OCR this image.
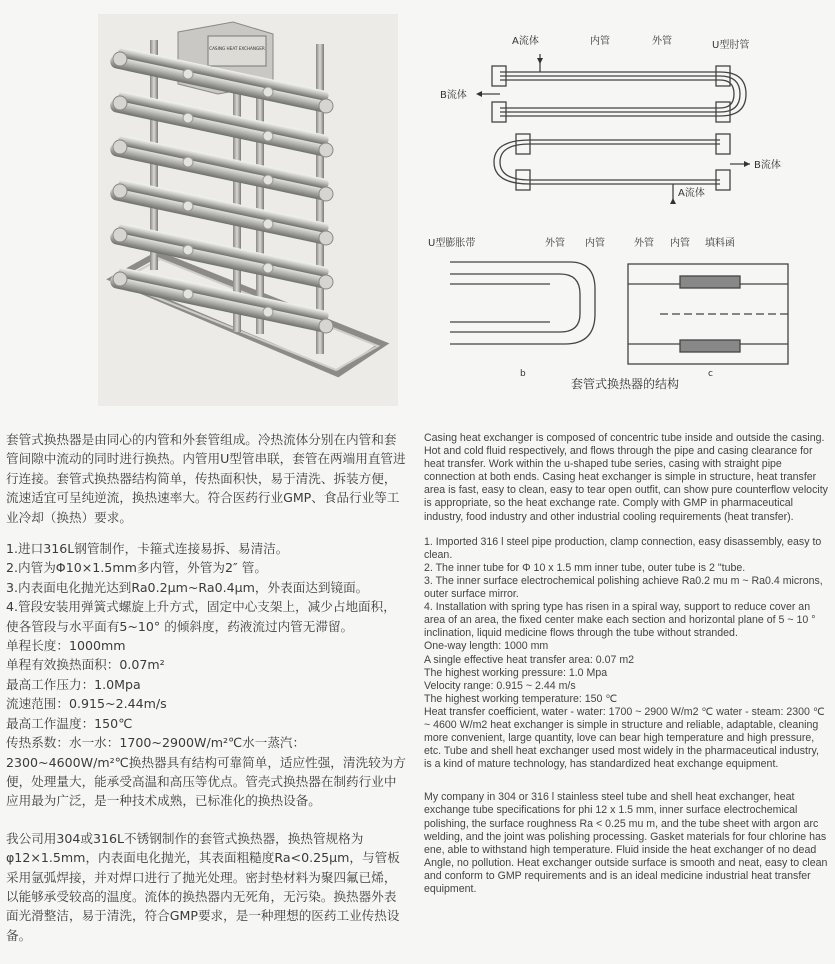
CASING HEAT EXCHANGER
A流体	内管	外管	U型肘管
B流体
B流体
A流体
U型膨胀带	外管 内管	外管 内管 填料函
b	c
套管式换热器的结构

套管式换热器是由同心的内管和外套管组成。冷热流体分别在内管和套管间隙中流动的同时进行换热。内管用U型管串联，套管在两端用直管进行连接。套管式换热器结构简单，传热面积快，易于清洗、拆装方便，流速适宜可呈纯逆流，换热速率大。符合医药行业GMP、食品行业等工业冷却（换热）要求。

1.进口316L钢管制作，卡箍式连接易拆、易清洁。

2.内管为Φ10×1.5mm多内管，外管为2″ 管。

3.内表面电化抛光达到Ra0.2μm~Ra0.4μm，外表面达到镜面。

4.管段安装用弹簧式螺旋上升方式，固定中心支架上，减少占地面积，使各管段与水平面有5~10° 的倾斜度，药液流过内管无滞留。

单程长度：1000mm

单程有效换热面积：0.07m²

最高工作压力：1.0Mpa

流速范围：0.915~2.44m/s

最高工作温度：150℃

传热系数：水一水：1700~2900W/m²℃水一蒸汽：2300~4600W/m²℃换热器具有结构可靠简单，适应性强，清洗较为方便，处理量大，能承受高温和高压等优点。管壳式换热器在制药行业中应用最为广泛，是一种技术成熟，已标准化的换热设备。

我公司用304或316L不锈钢制作的套管式换热器，换热管规格为φ12×1.5mm，内表面电化抛光，其表面粗糙度Ra<0.25μm，与管板采用氩弧焊接，并对焊口进行了抛光处理。密封垫材料为聚四氟已烯，以能够承受较高的温度。流体的换热器内无死角，无污染。换热器外表面光滑整洁，易于清洗，符合GMP要求，是一种理想的医药工业传热设备。

Casing heat exchanger is composed of concentric tube inside and outside the casing. Hot and cold fluid respectively, and flows through the pipe and casing clearance for heat transfer. Work within the u-shaped tube series, casing with straight pipe connection at both ends. Casing heat exchanger is simple in structure, heat transfer area is fast, easy to clean, easy to tear open outfit, can show pure counterflow velocity is appropriate, so the heat exchange rate. Comply with GMP in pharmaceutical industry, food industry and other industrial cooling requirements (heat transfer).

1. Imported 316 l steel pipe production, clamp connection, easy disassembly, easy to clean.

2. The inner tube for Φ 10 x 1.5 mm inner tube, outer tube is 2 "tube.

3. The inner surface electrochemical polishing achieve Ra0.2 mu m ~ Ra0.4 microns, outer surface mirror.

4. Installation with spring type has risen in a spiral way, support to reduce cover an area of an area, the fixed center make each section and horizontal plane of 5 ~ 10 ° inclination, liquid medicine flows through the tube without stranded.

One-way length: 1000 mm

A single effective heat transfer area: 0.07 m2

The highest working pressure: 1.0 Mpa

Velocity range: 0.915 ~ 2.44 m/s

The highest working temperature: 150 ℃

Heat transfer coefficient, water - water: 1700 ~ 2900 W/m2 ℃ water - steam: 2300 ℃ ~ 4600 W/m2 heat exchanger is simple in structure and reliable, adaptable, cleaning more convenient, large quantity, love can bear high temperature and high pressure, etc. Tube and shell heat exchanger used most widely in the pharmaceutical industry, is a kind of mature technology, has standardized heat exchange equipment.

My company in 304 or 316 l stainless steel tube and shell heat exchanger, heat exchange tube specifications for phi 12 x 1.5 mm, inner surface electrochemical polishing, the surface roughness Ra < 0.25 mu m, and the tube sheet with argon arc welding, and the joint was polishing processing. Gasket materials for four chlorine has ene, able to withstand high temperature. Fluid inside the heat exchanger of no dead Angle, no pollution. Heat exchanger outside surface is smooth and neat, easy to clean and conform to GMP requirements and is an ideal medicine industrial heat transfer equipment.
